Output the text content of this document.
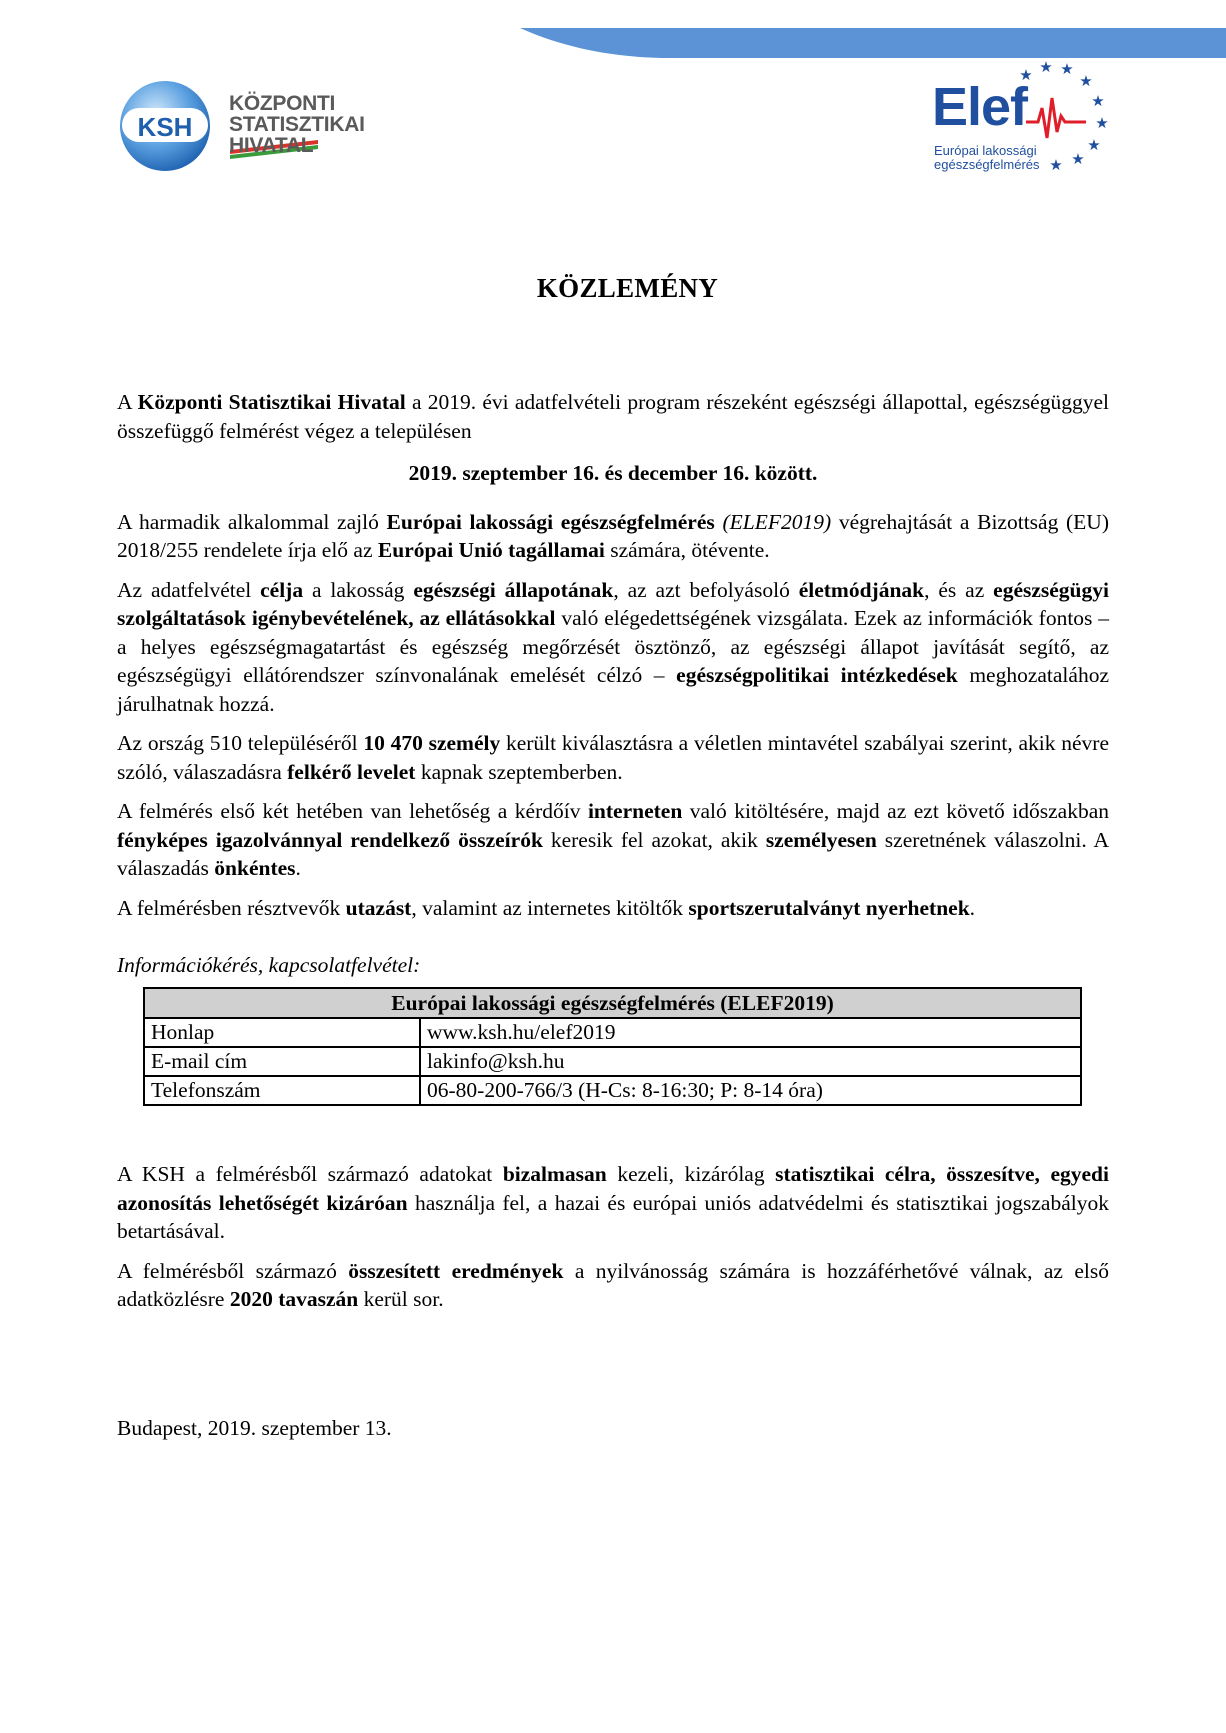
KSH
KÖZPONTI
STATISZTIKAI
HIVATAL
★ ★ ★
★
★
★
★
★
★
Elef
Európai lakossági
egészségfelmérés
KÖZLEMÉNY

A Központi Statisztikai Hivatal a 2019. évi adatfelvételi program részeként egészségi állapottal, egészségüggyel összefüggő felmérést végez a településen

2019. szeptember 16. és december 16. között.

A harmadik alkalommal zajló Európai lakossági egészségfelmérés (ELEF2019) végrehajtását a Bizottság (EU) 2018/255 rendelete írja elő az Európai Unió tagállamai számára, ötévente.

Az adatfelvétel célja a lakosság egészségi állapotának, az azt befolyásoló életmódjának, és az egészségügyi szolgáltatások igénybevételének, az ellátásokkal való elégedettségének vizsgálata. Ezek az információk fontos – a helyes egészségmagatartást és egészség megőrzését ösztönző, az egészségi állapot javítását segítő, az egészségügyi ellátórendszer színvonalának emelését célzó – egészségpolitikai intézkedések meghozatalához járulhatnak hozzá.

Az ország 510 településéről 10 470 személy került kiválasztásra a véletlen mintavétel szabályai szerint, akik névre szóló, válaszadásra felkérő levelet kapnak szeptemberben.

A felmérés első két hetében van lehetőség a kérdőív interneten való kitöltésére, majd az ezt követő időszakban fényképes igazolvánnyal rendelkező összeírók keresik fel azokat, akik személyesen szeretnének válaszolni. A válaszadás önkéntes.

A felmérésben résztvevők utazást, valamint az internetes kitöltők sportszerutalványt nyerhetnek.

Információkérés, kapcsolatfelvétel:

Európai lakossági egészségfelmérés (ELEF2019)	
Honlap	www.ksh.hu/elef2019
E-mail cím	lakinfo@ksh.hu
Telefonszám	06-80-200-766/3 (H-Cs: 8-16:30; P: 8-14 óra)

A KSH a felmérésből származó adatokat bizalmasan kezeli, kizárólag statisztikai célra, összesítve, egyedi azonosítás lehetőségét kizáróan használja fel, a hazai és európai uniós adatvédelmi és statisztikai jogszabályok betartásával.

A felmérésből származó összesített eredmények a nyilvánosság számára is hozzáférhetővé válnak, az első adatközlésre 2020 tavaszán kerül sor.

Budapest, 2019. szeptember 13.
